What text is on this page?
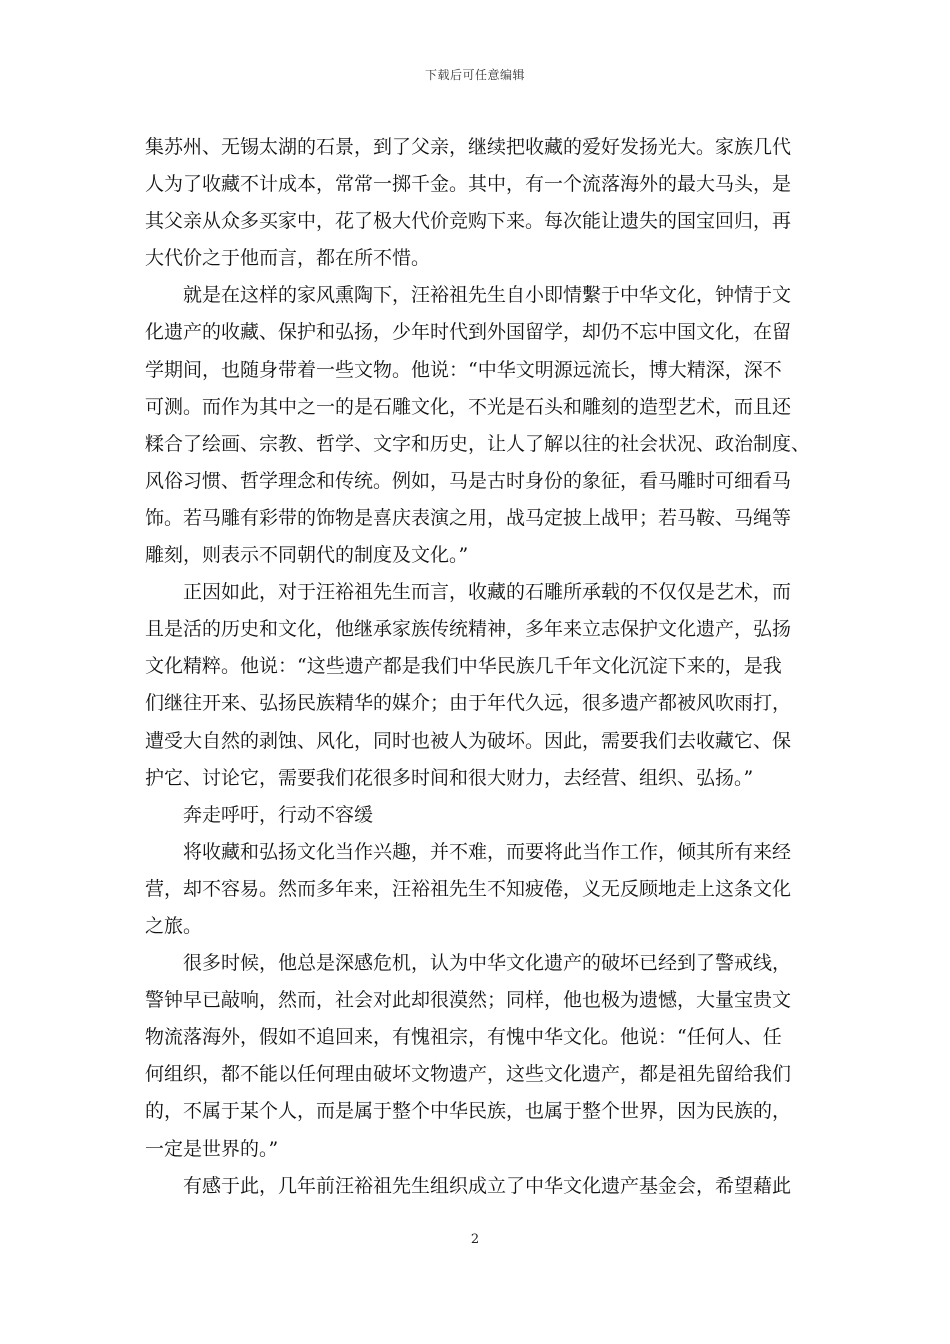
下载后可任意编辑
集苏州、无锡太湖的石景，到了父亲，继续把收藏的爱好发扬光大。家族几代
人为了收藏不计成本，常常一掷千金。其中，有一个流落海外的最大马头，是
其父亲从众多买家中，花了极大代价竞购下来。每次能让遗失的国宝回归，再
大代价之于他而言，都在所不惜。
就是在这样的家风熏陶下，汪裕祖先生自小即情繫于中华文化，钟情于文
化遗产的收藏、保护和弘扬，少年时代到外国留学，却仍不忘中国文化，在留
学期间，也随身带着一些文物。他说：“中华文明源远流长，博大精深，深不
可测。而作为其中之一的是石雕文化，不光是石头和雕刻的造型艺术，而且还
糅合了绘画、宗教、哲学、文字和历史，让人了解以往的社会状况、政治制度、
风俗习惯、哲学理念和传统。例如，马是古时身份的象征，看马雕时可细看马
饰。若马雕有彩带的饰物是喜庆表演之用，战马定披上战甲；若马鞍、马绳等
雕刻，则表示不同朝代的制度及文化。”
正因如此，对于汪裕祖先生而言，收藏的石雕所承载的不仅仅是艺术，而
且是活的历史和文化，他继承家族传统精神，多年来立志保护文化遗产，弘扬
文化精粹。他说：“这些遗产都是我们中华民族几千年文化沉淀下来的，是我
们继往开来、弘扬民族精华的媒介；由于年代久远，很多遗产都被风吹雨打，
遭受大自然的剥蚀、风化，同时也被人为破坏。因此，需要我们去收藏它、保
护它、讨论它，需要我们花很多时间和很大财力，去经营、组织、弘扬。”
奔走呼吁，行动不容缓
将收藏和弘扬文化当作兴趣，并不难，而要将此当作工作，倾其所有来经
营，却不容易。然而多年来，汪裕祖先生不知疲倦，义无反顾地走上这条文化
之旅。
很多时候，他总是深感危机，认为中华文化遗产的破坏已经到了警戒线，
警钟早已敲响，然而，社会对此却很漠然；同样，他也极为遗憾，大量宝贵文
物流落海外，假如不追回来，有愧祖宗，有愧中华文化。他说：“任何人、任
何组织，都不能以任何理由破坏文物遗产，这些文化遗产，都是祖先留给我们
的，不属于某个人，而是属于整个中华民族，也属于整个世界，因为民族的，
一定是世界的。”
有感于此，几年前汪裕祖先生组织成立了中华文化遗产基金会，希望藉此
2
